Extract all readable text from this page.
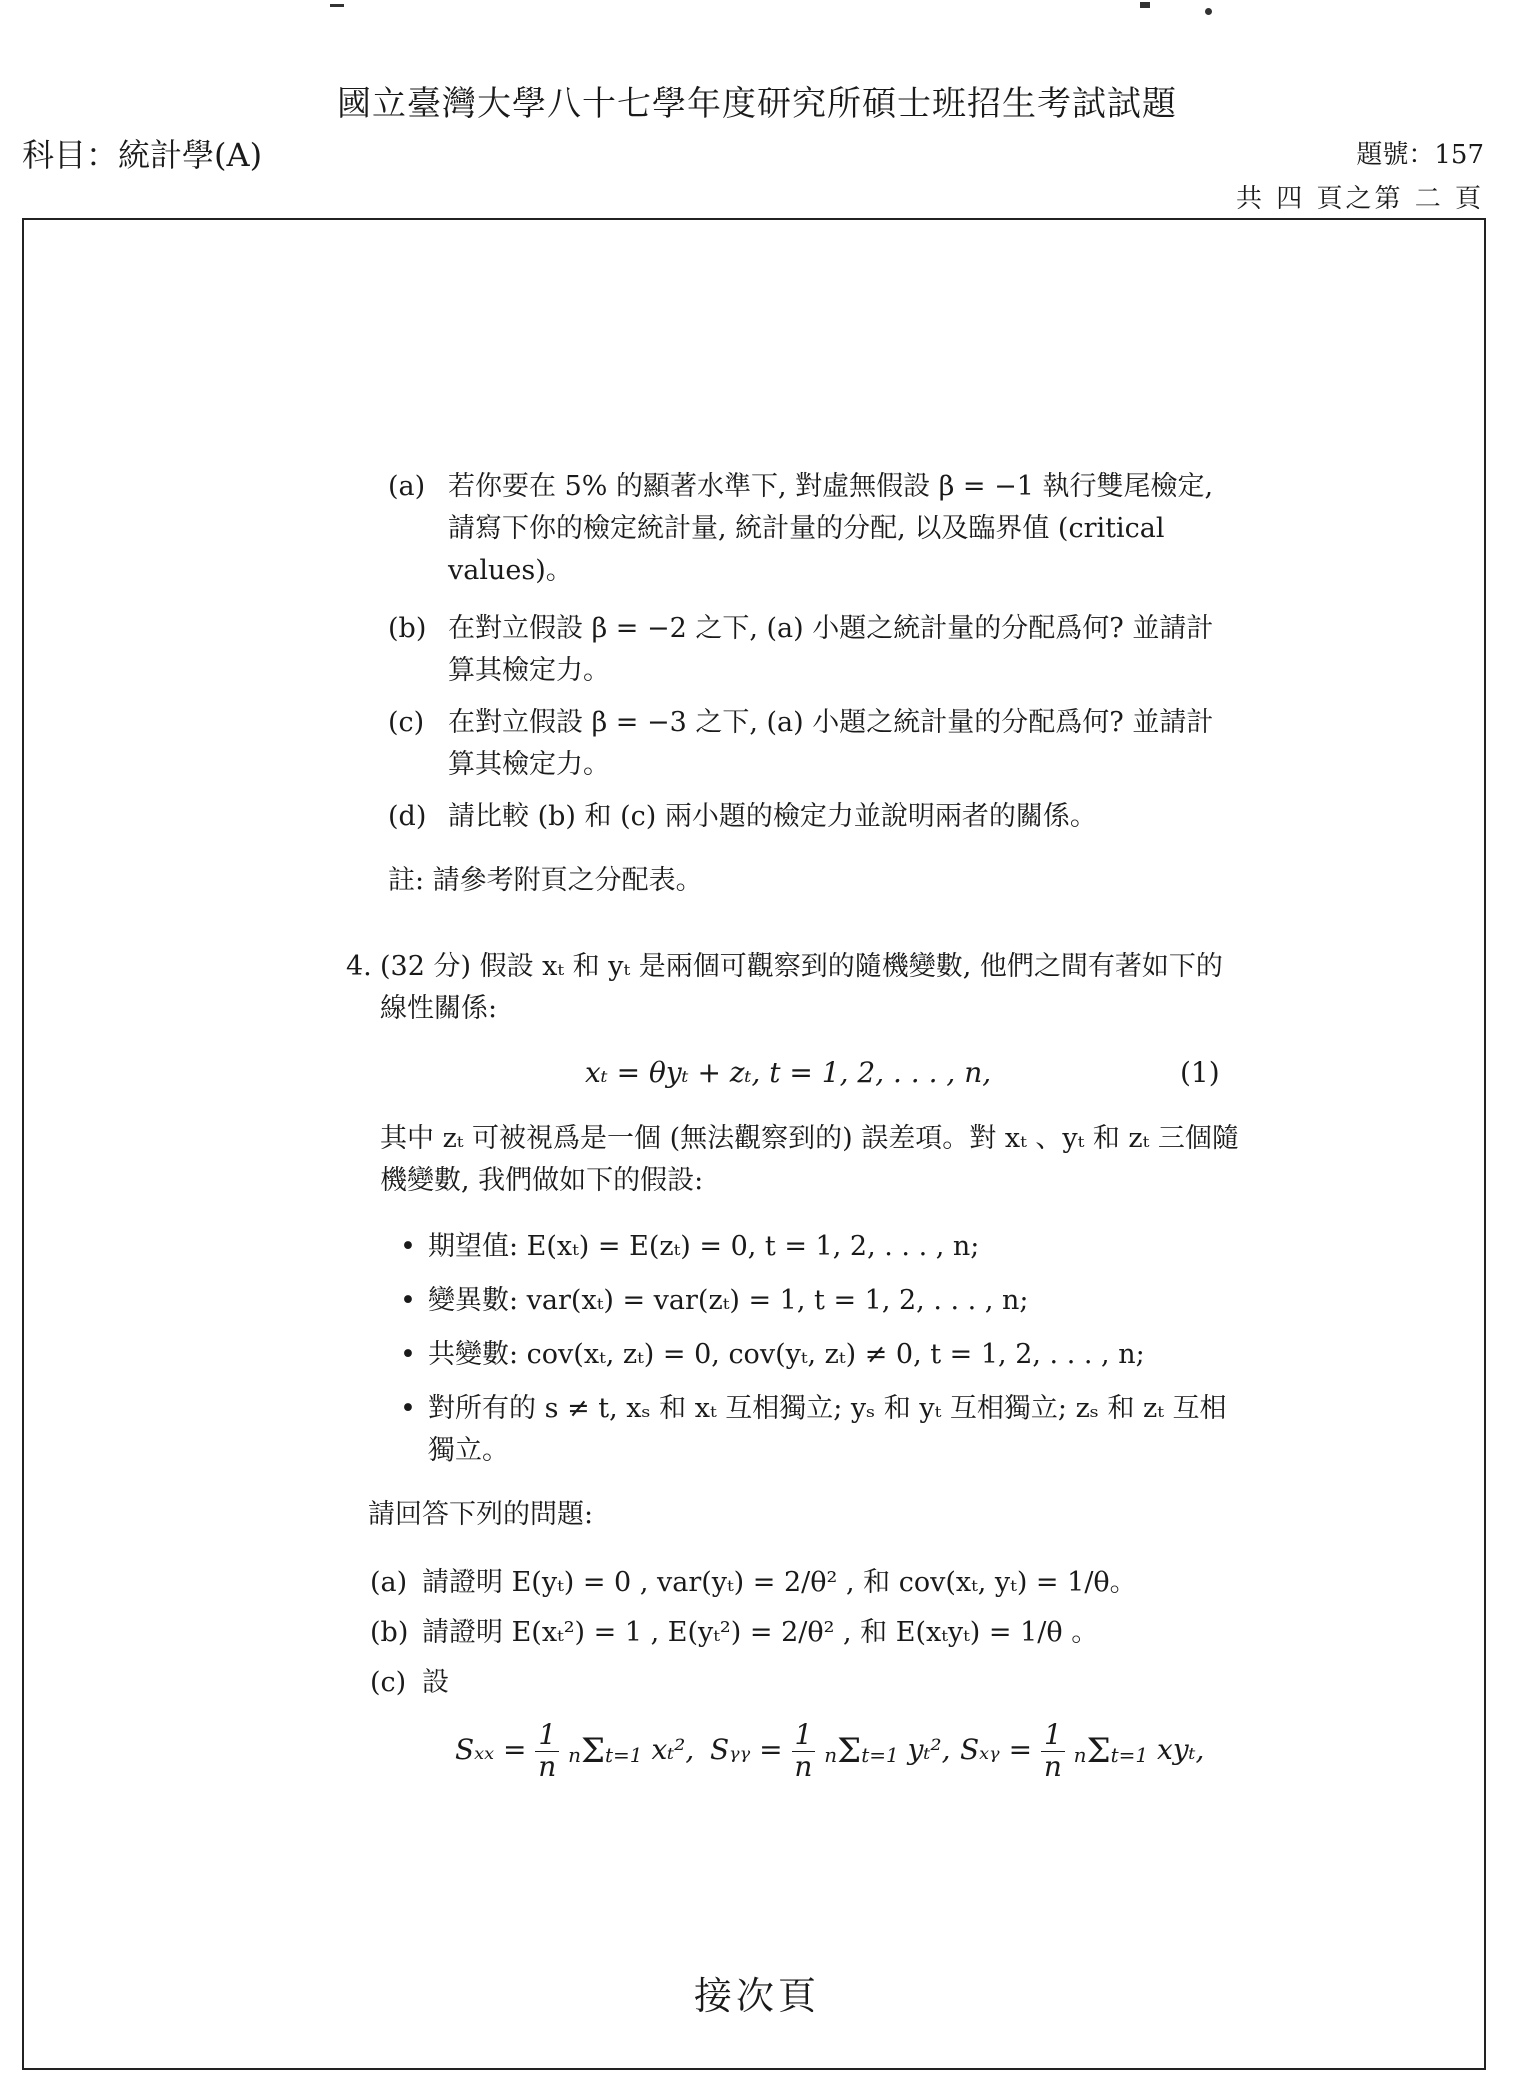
國立臺灣大學八十七學年度研究所碩士班招生考試試題
科目：統計學(A)	題號：157
共 四 頁之第 二 頁
(a) 若你要在 5% 的顯著水準下, 對虛無假設 β = −1 執行雙尾檢定, 請寫下你的檢定統計量, 統計量的分配, 以及臨界值 (critical values)。
(b) 在對立假設 β = −2 之下, (a) 小題之統計量的分配爲何? 並請計算其檢定力。
(c) 在對立假設 β = −3 之下, (a) 小題之統計量的分配爲何? 並請計算其檢定力。
(d) 請比較 (b) 和 (c) 兩小題的檢定力並說明兩者的關係。
註: 請參考附頁之分配表。
4. (32 分) 假設 xₜ 和 yₜ 是兩個可觀察到的隨機變數, 他們之間有著如下的線性關係:
xₜ = θyₜ + zₜ, t = 1, 2, . . . , n,	(1)
其中 zₜ 可被視爲是一個 (無法觀察到的) 誤差項。對 xₜ 、yₜ 和 zₜ 三個隨機變數, 我們做如下的假設:
• 期望值: E(xₜ) = E(zₜ) = 0, t = 1, 2, . . . , n;
• 變異數: var(xₜ) = var(zₜ) = 1, t = 1, 2, . . . , n;
• 共變數: cov(xₜ, zₜ) = 0, cov(yₜ, zₜ) ≠ 0, t = 1, 2, . . . , n;
• 對所有的 s ≠ t, xₛ 和 xₜ 互相獨立; yₛ 和 yₜ 互相獨立; zₛ 和 zₜ 互相獨立。
請回答下列的問題:
(a) 請證明 E(yₜ) = 0 , var(yₜ) = 2/θ² , 和 cov(xₜ, yₜ) = 1/θ。
(b) 請證明 E(xₜ²) = 1 , E(yₜ²) = 2/θ² , 和 E(xₜyₜ) = 1/θ 。
(c) 設
$S_{xx} = \frac{1}{n} n\Sigma t=1$ xₜ², Sᵧᵧ = $\frac{1}{n} n\Sigma t=1$ yₜ², Sₓᵧ = $\frac{1}{n} n\Sigma t=1$ xyₜ,
接次頁
